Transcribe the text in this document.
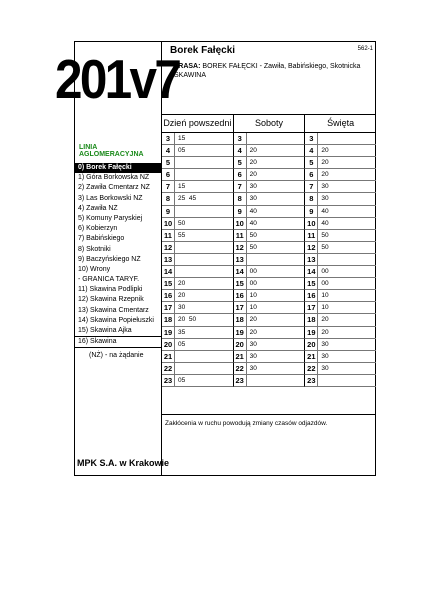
201v7
LINIA AGLOMERACYJNA
0) Borek Fałęcki
1) Góra Borkowska NŻ
2) Zawiła Cmentarz NŻ
3) Las Borkowski NŻ
4) Zawiła NŻ
5) Komuny Paryskiej
6) Kobierzyn
7) Babińskiego
8) Skotniki
9) Baczyńskiego NŻ
10) Wrony
- GRANICA TARYF.
11) Skawina Podlipki
12) Skawina Rzepnik
13) Skawina Cmentarz
14) Skawina Popiełuszki
15) Skawina Ajka
16) Skawina
(NŻ) - na żądanie
MPK S.A. w Krakowie
Borek Fałęcki	562-1
TRASA: BOREK FAŁĘCKI - Zawiła, Babińskiego, Skotnicka SKAWINA
Dzień powszedni	Soboty	Święta
3	15	3	3
4	05	4	20	4	20
5	5	20	5	20
6	6	20	6	20
7	15	7	30	7	30
8	25  45	8	30	8	30
9	9	40	9	40
10 50	10 40	10 40
11 55	11 50	11 50
12	12 50	12 50
13	13	13
14	14 00	14 00
15 20	15 00	15 00
16 20	16 10	16 10
17 30	17 10	17 10
18 20  50	18 20	18 20
19 35	19 20	19 20
20 05	20 30	20 30
21	21 30	21 30
22	22 30	22 30
23 05	23	23
Zakłócenia w ruchu powodują zmiany czasów odjazdów.
